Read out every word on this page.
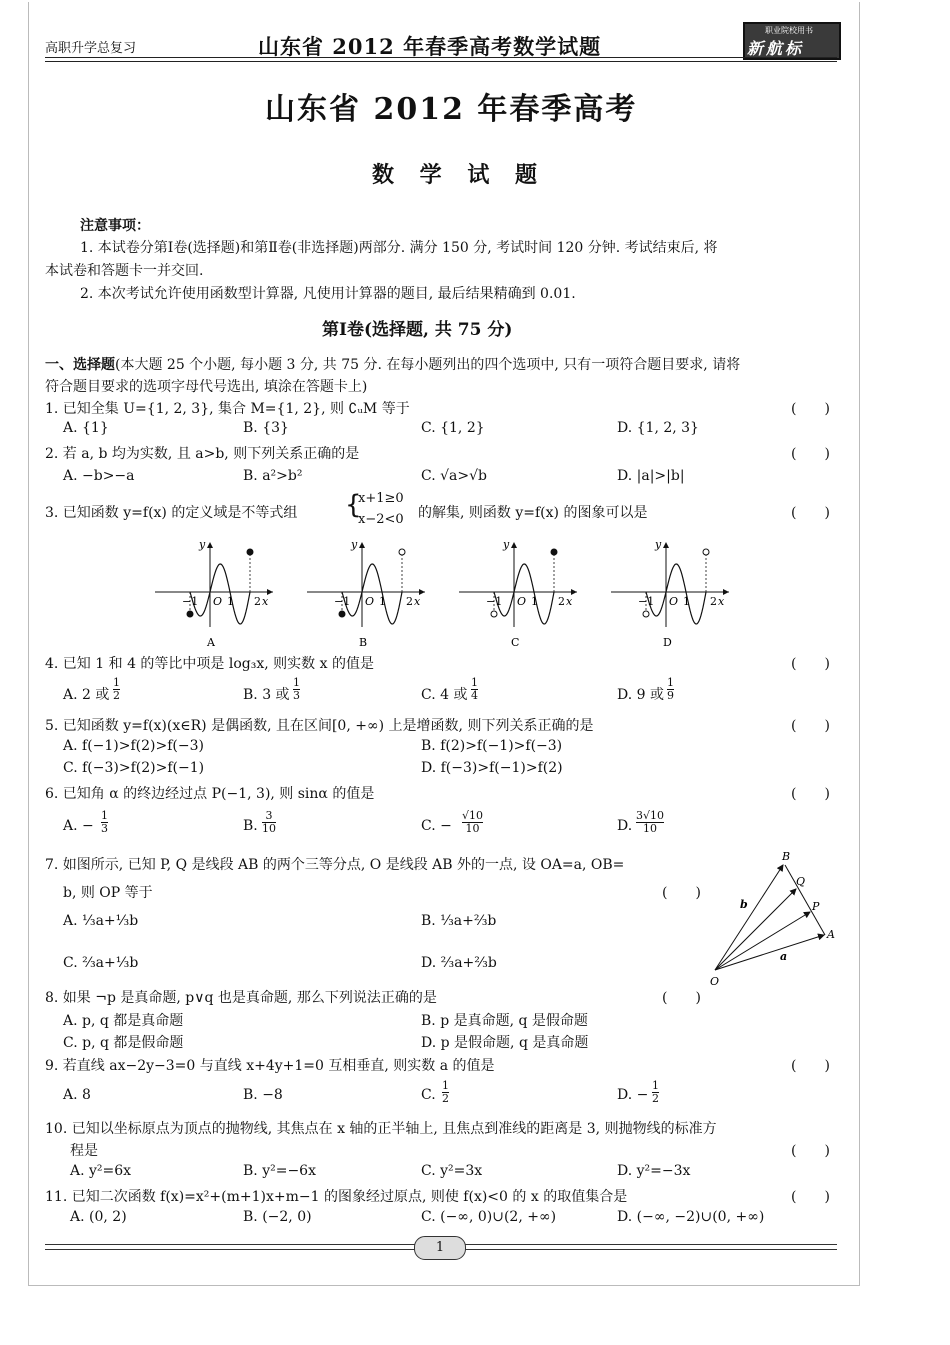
高职升学总复习	山东省 2012 年春季高考数学试题
职业院校用书
新航标
山东省 2012 年春季高考
数 学 试 题
注意事项：
1. 本试卷分第Ⅰ卷(选择题)和第Ⅱ卷(非选择题)两部分. 满分 150 分, 考试时间 120 分钟. 考试结束后, 将
本试卷和答题卡一并交回.
2. 本次考试允许使用函数型计算器, 凡使用计算器的题目, 最后结果精确到 0.01.
第Ⅰ卷(选择题, 共 75 分)
一、选择题(本大题 25 个小题, 每小题 3 分, 共 75 分. 在每小题列出的四个选项中, 只有一项符合题目要求, 请将
符合题目要求的选项字母代号选出, 填涂在答题卡上)
1. 已知全集 U={1, 2, 3}, 集合 M={1, 2}, 则 ∁ᵤM 等于	(　　)
A. {1}	B. {3}	C. {1, 2}	D. {1, 2, 3}
2. 若 a, b 均为实数, 且 a>b, 则下列关系正确的是	(　　)
A. −b>−a	B. a²>b²	C. √a>√b	D. |a|>|b|
3. 已知函数 y=f(x) 的定义域是不等式组 {
x+1≥0
x−2<0 的解集, 则函数 y=f(x) 的图象可以是	(　　)
y
x
O
−1	1 2
A
y
x
O
−1	1 2
B
y
x
O
−1	1 2
C
y
x
O
−1	1 2
D
4. 已知 1 和 4 的等比中项是 log₃x, 则实数 x 的值是	(　　)
A. 2 或 $\frac{1}{2}$	B. 3 或 $\frac{1}{3}$	C. 4 或 $\frac{1}{4}$	D. 9 或 $\frac{1}{9}$
5. 已知函数 y=f(x)(x∈R) 是偶函数, 且在区间[0, +∞) 上是增函数, 则下列关系正确的是	(　　)
A. f(−1)>f(2)>f(−3)	B. f(2)>f(−1)>f(−3)
C. f(−3)>f(2)>f(−1)	D. f(−3)>f(−1)>f(2)
6. 已知角 α 的终边经过点 P(−1, 3), 则 sinα 的值是	(　　)
A. − $\frac{1}{3}$	B. $\frac{3}{10}$	C. − $\frac{√10}{10}$	D. $\frac{3√10}{10}$
7. 如图所示, 已知 P, Q 是线段 AB 的两个三等分点, O 是线段 AB 外的一点, 设 OA=a, OB=
b, 则 OP 等于	(　　)
A. ⅓a+⅓b	B. ⅓a+⅔b
C. ⅔a+⅓b	D. ⅔a+⅔b
B
Q
P
A
O
b
a
8. 如果 ¬p 是真命题, p∨q 也是真命题, 那么下列说法正确的是	(　　)
A. p, q 都是真命题	B. p 是真命题, q 是假命题
C. p, q 都是假命题	D. p 是假命题, q 是真命题
9. 若直线 ax−2y−3=0 与直线 x+4y+1=0 互相垂直, 则实数 a 的值是	(　　)
A. 8	B. −8	C. $\frac{1}{2}$	D. − $\frac{1}{2}$
10. 已知以坐标原点为顶点的抛物线, 其焦点在 x 轴的正半轴上, 且焦点到准线的距离是 3, 则抛物线的标准方
程是	(　　)
A. y²=6x	B. y²=−6x	C. y²=3x	D. y²=−3x
11. 已知二次函数 f(x)=x²+(m+1)x+m−1 的图象经过原点, 则使 f(x)<0 的 x 的取值集合是	(　　)
A. (0, 2)	B. (−2, 0)	C. (−∞, 0)∪(2, +∞)	D. (−∞, −2)∪(0, +∞)
1
